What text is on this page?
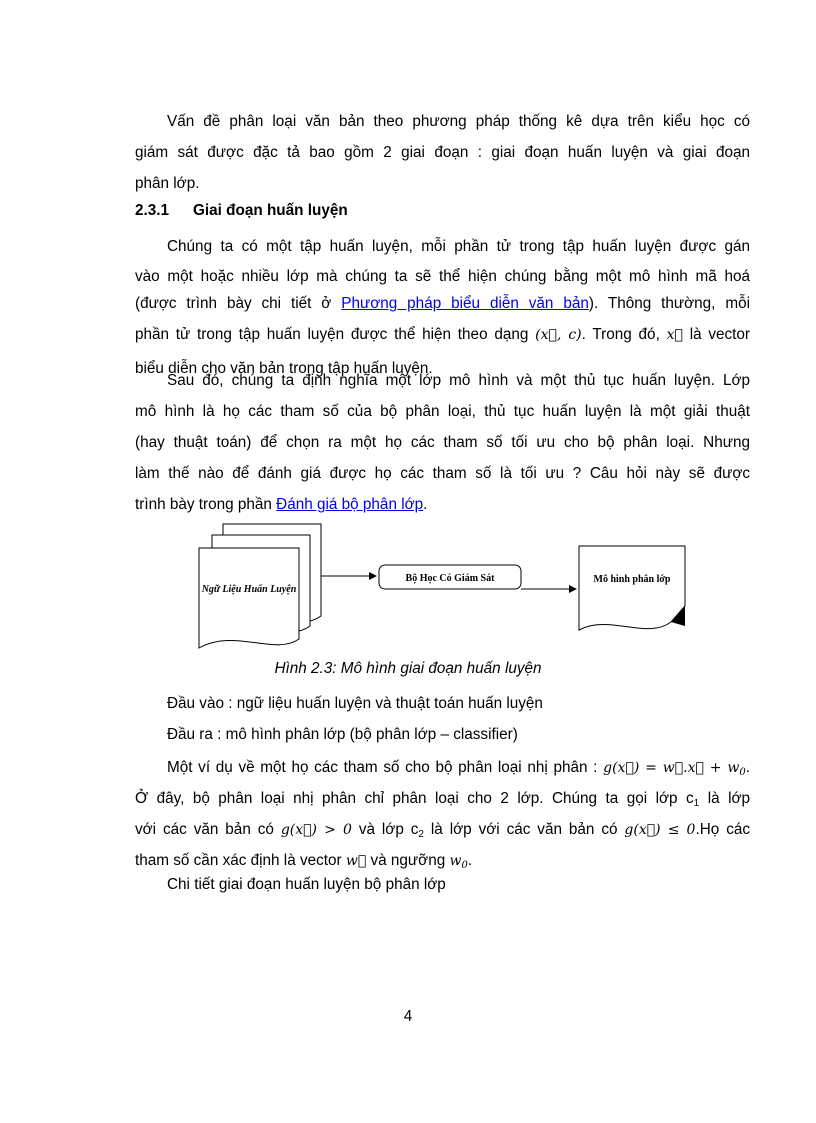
Vấn đề phân loại văn bản theo phương pháp thống kê dựa trên kiểu học có
giám sát được đặc tả bao gồm 2 giai đoạn : giai đoạn huấn luyện và giai đoạn
phân lớp.
2.3.1 Giai đoạn huấn luyện
Chúng ta có một tập huấn luyện, mỗi phần tử trong tập huấn luyện được gán
vào một hoặc nhiều lớp mà chúng ta sẽ thể hiện chúng bằng một mô hình mã hoá
(được trình bày chi tiết ở Phương pháp biểu diễn văn bản). Thông thường, mỗi
phần tử trong tập huấn luyện được thể hiện theo dạng (x⃗, c). Trong đó, x⃗ là vector
biểu diễn cho văn bản trong tập huấn luyện.
Sau đó, chúng ta định nghĩa một lớp mô hình và một thủ tục huấn luyện. Lớp
mô hình là họ các tham số của bộ phân loại, thủ tục huấn luyện là một giải thuật
(hay thuật toán) để chọn ra một họ các tham số tối ưu cho bộ phân loại. Nhưng
làm thế nào để đánh giá được họ các tham số là tối ưu ? Câu hỏi này sẽ được
trình bày trong phần Đánh giá bộ phân lớp.
Ngữ Liệu Huấn Luyện
Bộ Học Có Giám Sát	Mô hình phân lớp
Hình 2.3: Mô hình giai đoạn huấn luyện
Đầu vào : ngữ liệu huấn luyện và thuật toán huấn luyện
Đầu ra : mô hình phân lớp (bộ phân lớp – classifier)
Một ví dụ về một họ các tham số cho bộ phân loại nhị phân : g(x⃗) = w⃗.x⃗ + $w_0$.
Ở đây, bộ phân loại nhị phân chỉ phân loại cho 2 lớp. Chúng ta gọi lớp $c_1$ là lớp
với các văn bản có g(x⃗) > 0 và lớp $c_2$ là lớp với các văn bản có g(x⃗) ≤ 0.Họ các
tham số cần xác định là vector w⃗ và ngưỡng $w_0$.
Chi tiết giai đoạn huấn luyện bộ phân lớp
4
